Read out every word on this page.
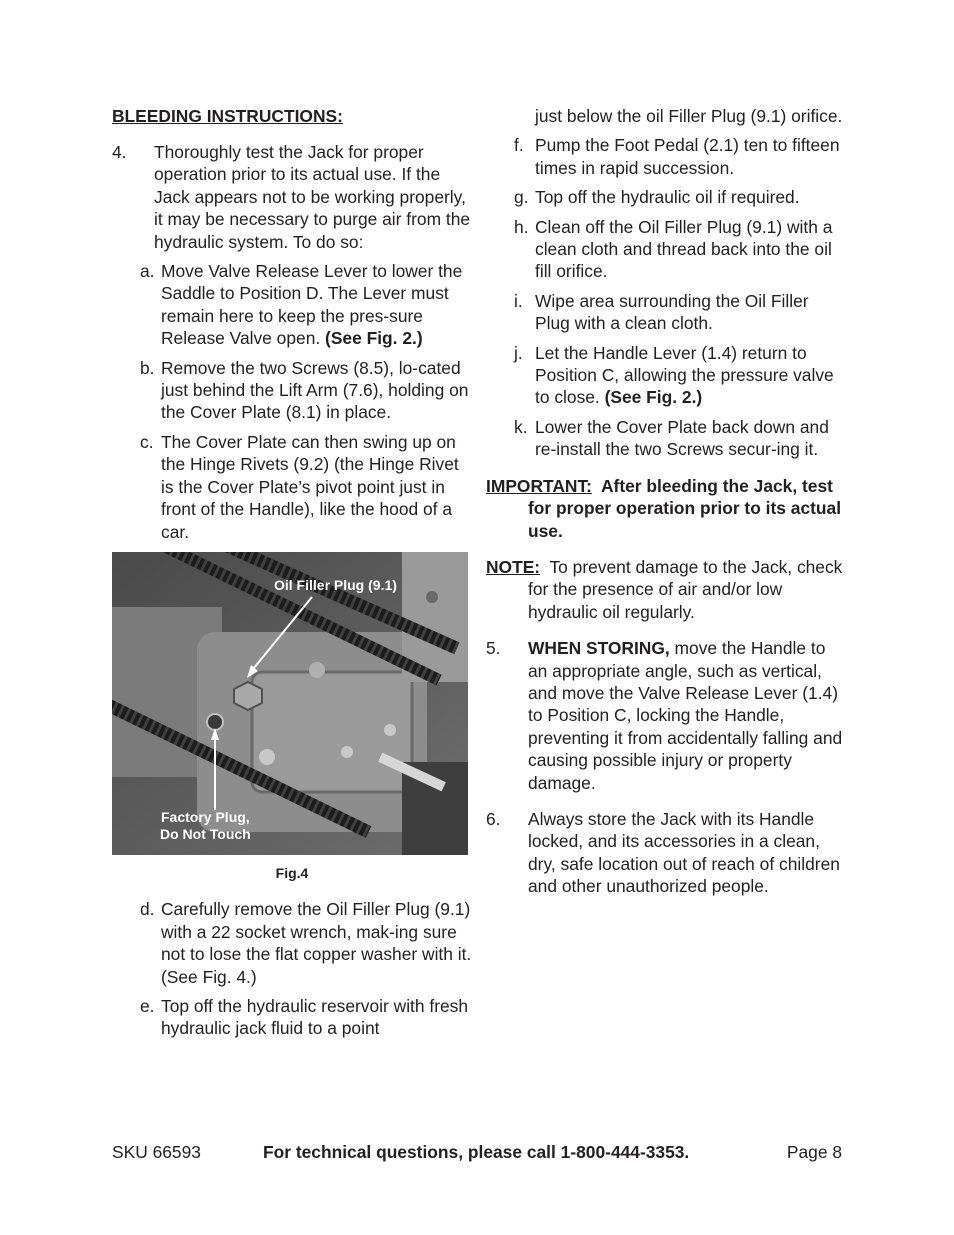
BLEEDING INSTRUCTIONS:
4. Thoroughly test the Jack for proper operation prior to its actual use. If the Jack appears not to be working properly, it may be necessary to purge air from the hydraulic system. To do so:
a. Move Valve Release Lever to lower the Saddle to Position D. The Lever must remain here to keep the pres-sure Release Valve open. (See Fig. 2.)
b. Remove the two Screws (8.5), lo-cated just behind the Lift Arm (7.6), holding on the Cover Plate (8.1) in place.
c. The Cover Plate can then swing up on the Hinge Rivets (9.2) (the Hinge Rivet is the Cover Plate’s pivot point just in front of the Handle), like the hood of a car.
Oil Filler Plug (9.1)
Factory Plug,
Do Not Touch
Fig.4
d. Carefully remove the Oil Filler Plug (9.1) with a 22 socket wrench, mak-ing sure not to lose the flat copper washer with it. (See Fig. 4.)
e. Top off the hydraulic reservoir with fresh hydraulic jack fluid to a point
just below the oil Filler Plug (9.1) orifice.
f. Pump the Foot Pedal (2.1) ten to fifteen times in rapid succession.
g. Top off the hydraulic oil if required.
h. Clean off the Oil Filler Plug (9.1) with a clean cloth and thread back into the oil fill orifice.
i. Wipe area surrounding the Oil Filler Plug with a clean cloth.
j. Let the Handle Lever (1.4) return to Position C, allowing the pressure valve to close. (See Fig. 2.)
k. Lower the Cover Plate back down and re-install the two Screws secur-ing it.
IMPORTANT: After bleeding the Jack, test for proper operation prior to its actual use.
NOTE: To prevent damage to the Jack, check for the presence of air and/or low hydraulic oil regularly.
5. WHEN STORING, move the Handle to an appropriate angle, such as vertical, and move the Valve Release Lever (1.4) to Position C, locking the Handle, preventing it from accidentally falling and causing possible injury or property damage.
6. Always store the Jack with its Handle locked, and its accessories in a clean, dry, safe location out of reach of children and other unauthorized people.
SKU 66593	For technical questions, please call 1-800-444-3353.	Page 8
